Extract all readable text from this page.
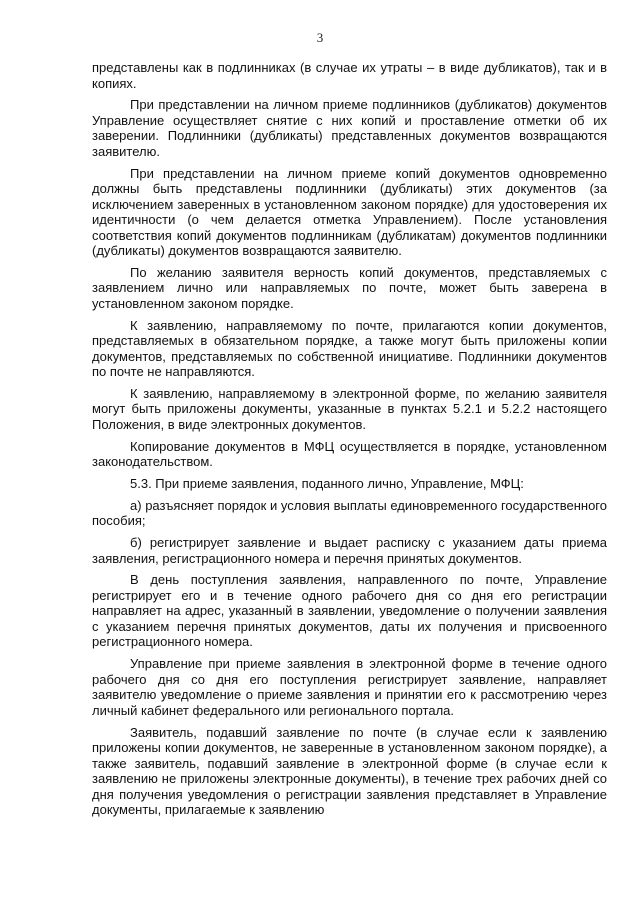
3

представлены как в подлинниках (в случае их утраты – в виде дубликатов), так и в копиях.

При представлении на личном приеме подлинников (дубликатов) документов Управление осуществляет снятие с них копий и проставление отметки об их заверении. Подлинники (дубликаты) представленных документов возвращаются заявителю.

При представлении на личном приеме копий документов одновременно должны быть представлены подлинники (дубликаты) этих документов (за исключением заверенных в установленном законом порядке) для удостоверения их идентичности (о чем делается отметка Управлением). После установления соответствия копий документов подлинникам (дубликатам) документов подлинники (дубликаты) документов возвращаются заявителю.

По желанию заявителя верность копий документов, представляемых с заявлением лично или направляемых по почте, может быть заверена в установленном законом порядке.

К заявлению, направляемому по почте, прилагаются копии документов, представляемых в обязательном порядке, а также могут быть приложены копии документов, представляемых по собственной инициативе. Подлинники документов по почте не направляются.

К заявлению, направляемому в электронной форме, по желанию заявителя могут быть приложены документы, указанные в пунктах 5.2.1 и 5.2.2 настоящего Положения, в виде электронных документов.

Копирование документов в МФЦ осуществляется в порядке, установленном законодательством.

5.3. При приеме заявления, поданного лично, Управление, МФЦ:

а) разъясняет порядок и условия выплаты единовременного государственного пособия;

б) регистрирует заявление и выдает расписку с указанием даты приема заявления, регистрационного номера и перечня принятых документов.

В день поступления заявления, направленного по почте, Управление регистрирует его и в течение одного рабочего дня со дня его регистрации направляет на адрес, указанный в заявлении, уведомление о получении заявления с указанием перечня принятых документов, даты их получения и присвоенного регистрационного номера.

Управление при приеме заявления в электронной форме в течение одного рабочего дня со дня его поступления регистрирует заявление, направляет заявителю уведомление о приеме заявления и принятии его к рассмотрению через личный кабинет федерального или регионального портала.

Заявитель, подавший заявление по почте (в случае если к заявлению приложены копии документов, не заверенные в установленном законом порядке), а также заявитель, подавший заявление в электронной форме (в случае если к заявлению не приложены электронные документы), в течение трех рабочих дней со дня получения уведомления о регистрации заявления представляет в Управление документы, прилагаемые к заявлению
